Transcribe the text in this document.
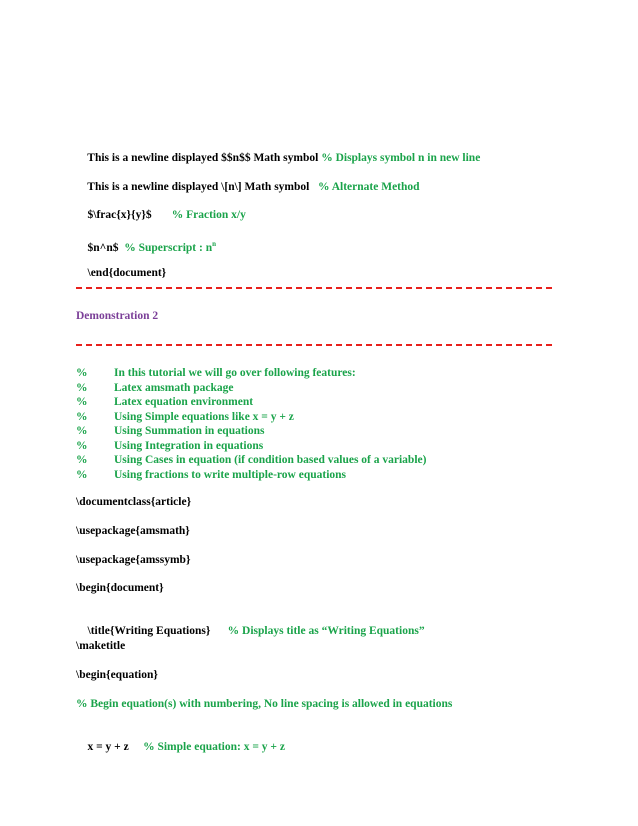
This is a newline displayed $$n$$ Math symbol % Displays symbol n in new line

This is a newline displayed \[n\] Math symbol   % Alternate Method

$\frac{x}{y}$       % Fraction x/y

$n^n$  % Superscript : $n^n$

\end{document}

Demonstration 2
% In this tutorial we will go over following features:
% Latex amsmath package
% Latex equation environment
% Using Simple equations like x = y + z
% Using Summation in equations
% Using Integration in equations
% Using Cases in equation (if condition based values of a variable)
% Using fractions to write multiple-row equations
\documentclass{article}
\usepackage{amsmath}
\usepackage{amssymb}
\begin{document}

\title{Writing Equations}      % Displays title as “Writing Equations”

\maketitle
\begin{equation}
% Begin equation(s) with numbering, No line spacing is allowed in equations

x = y + z     % Simple equation: x = y + z
